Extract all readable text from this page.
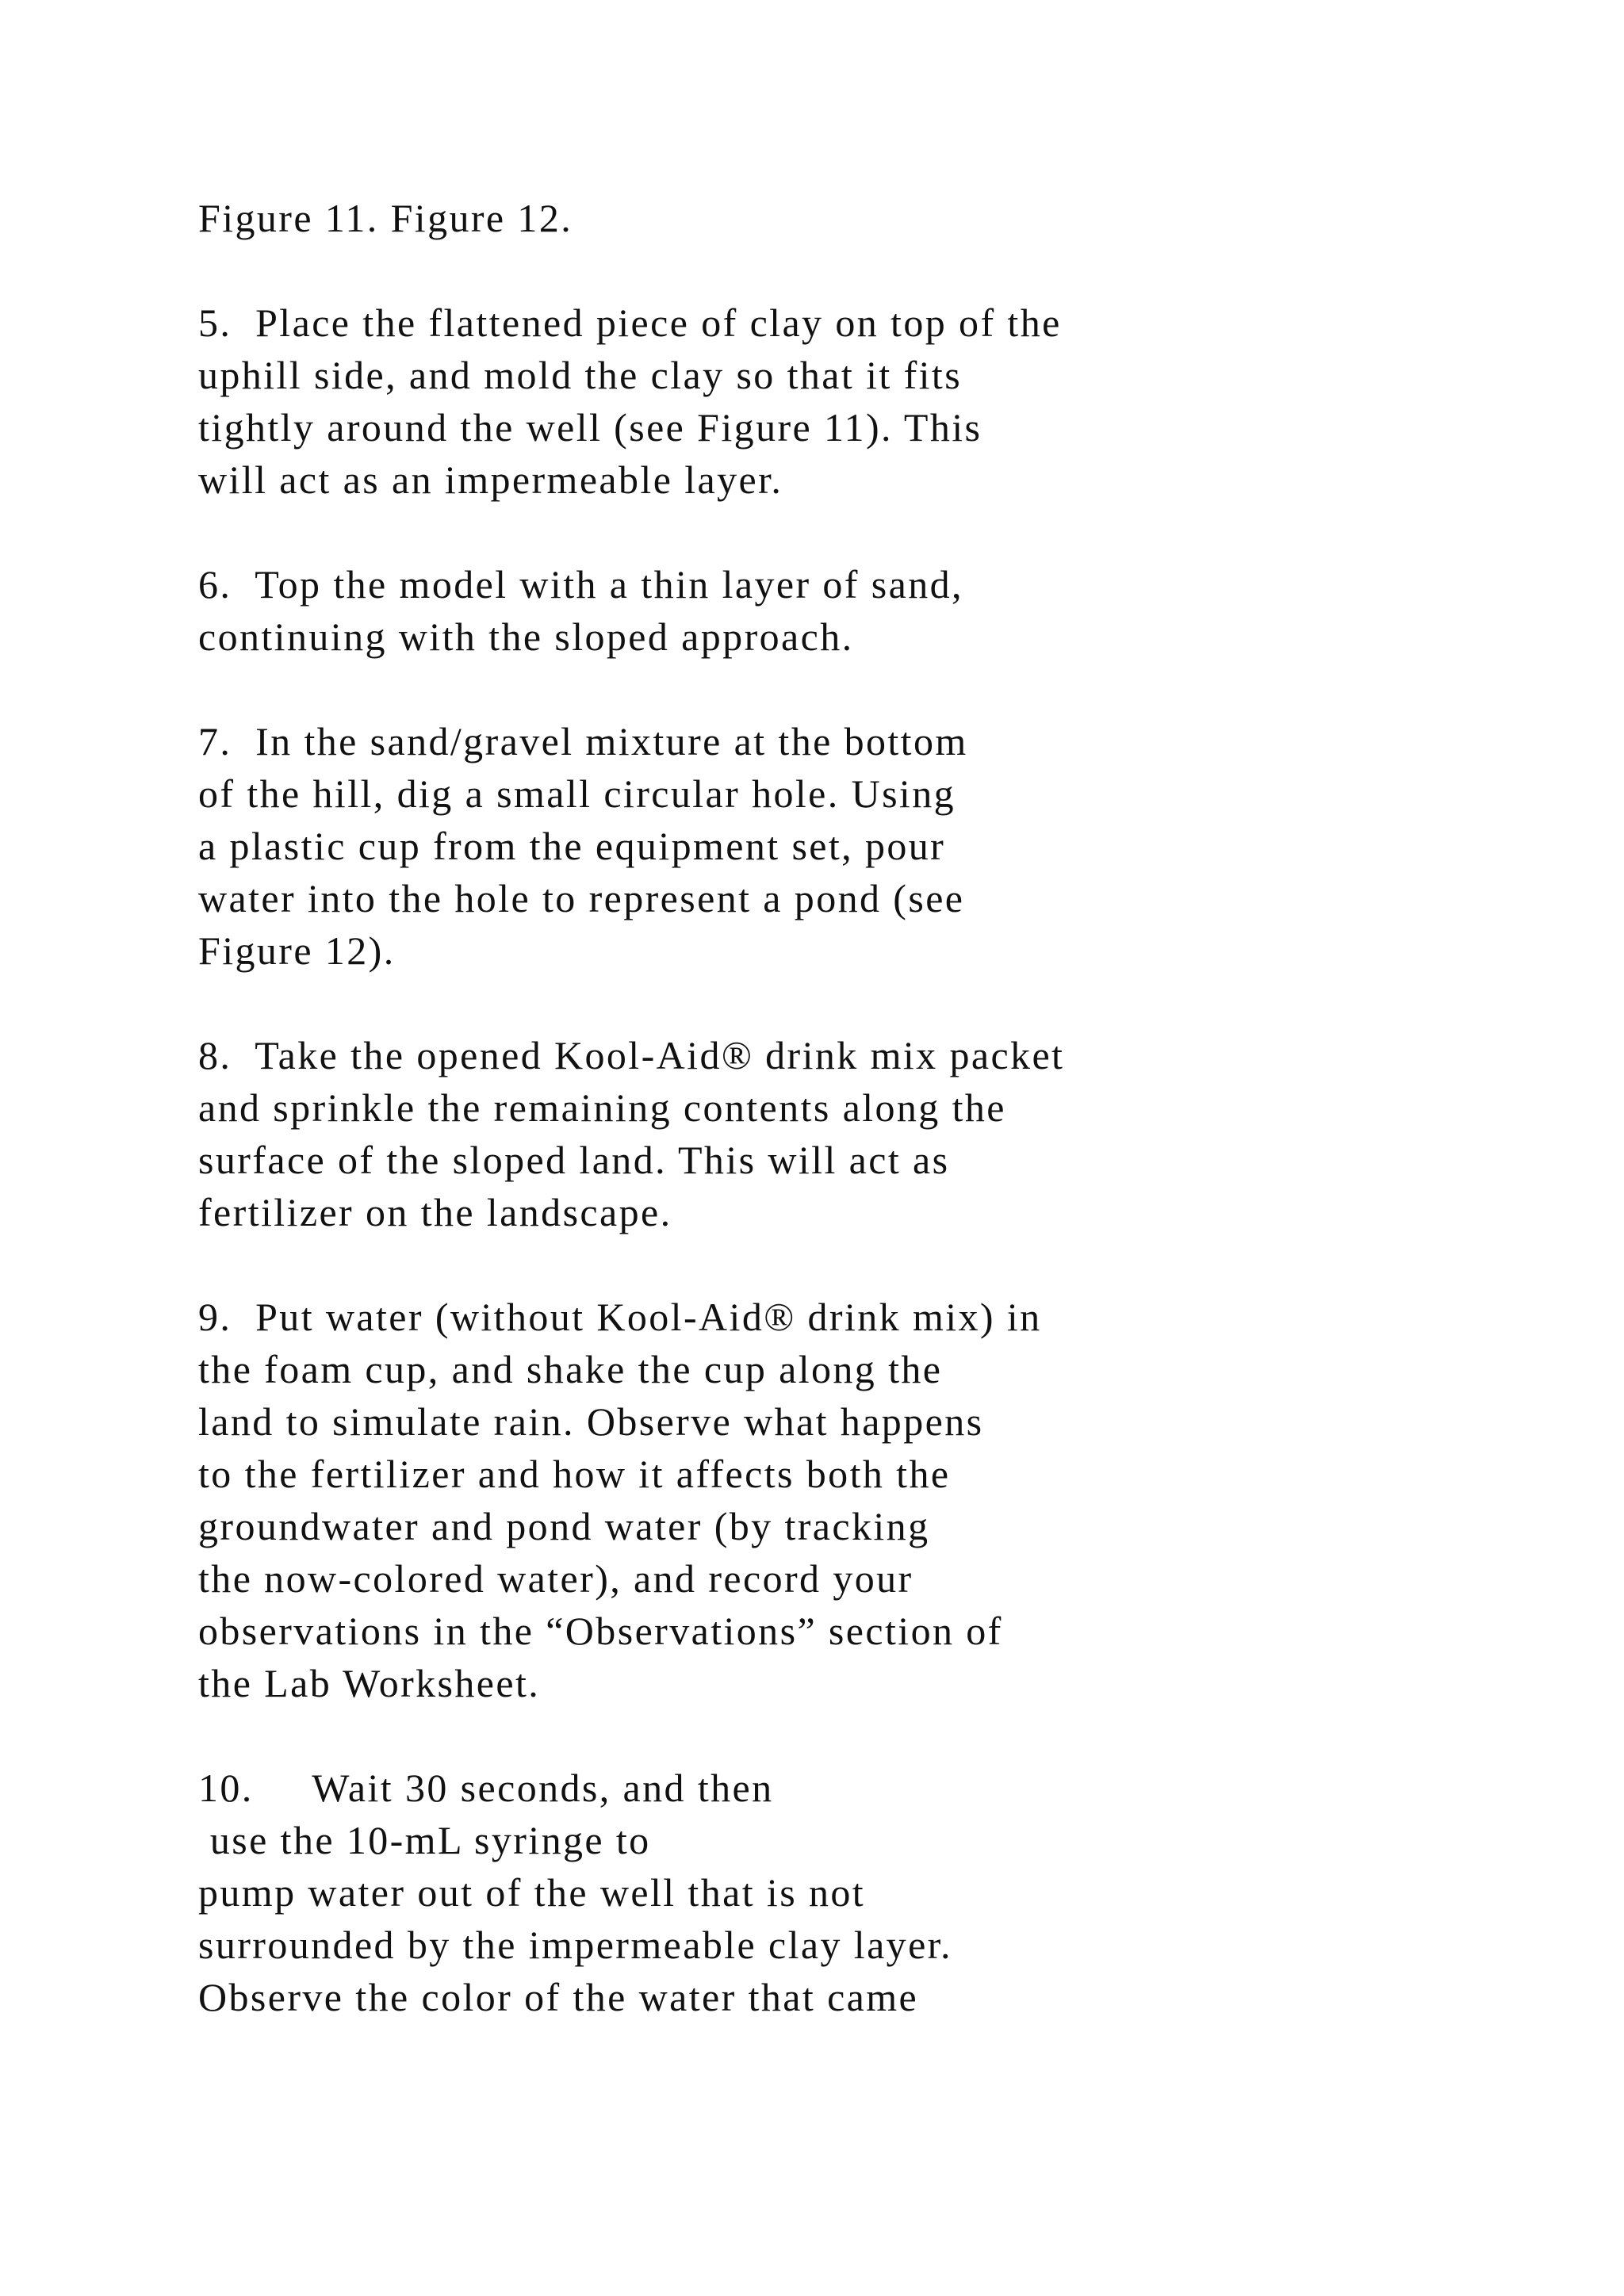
Figure 11. Figure 12.
5.  Place the flattened piece of clay on top of the
uphill side, and mold the clay so that it fits
tightly around the well (see Figure 11). This
will act as an impermeable layer.
6.  Top the model with a thin layer of sand,
continuing with the sloped approach.
7.  In the sand/gravel mixture at the bottom
of the hill, dig a small circular hole. Using
a plastic cup from the equipment set, pour
water into the hole to represent a pond (see
Figure 12).
8.  Take the opened Kool-Aid® drink mix packet
and sprinkle the remaining contents along the
surface of the sloped land. This will act as
fertilizer on the landscape.
9.  Put water (without Kool-Aid® drink mix) in
the foam cup, and shake the cup along the
land to simulate rain. Observe what happens
to the fertilizer and how it affects both the
groundwater and pond water (by tracking
the now-colored water), and record your
observations in the “Observations” section of
the Lab Worksheet.
10.     Wait 30 seconds, and then
use the 10-mL syringe to
pump water out of the well that is not
surrounded by the impermeable clay layer.
Observe the color of the water that came
